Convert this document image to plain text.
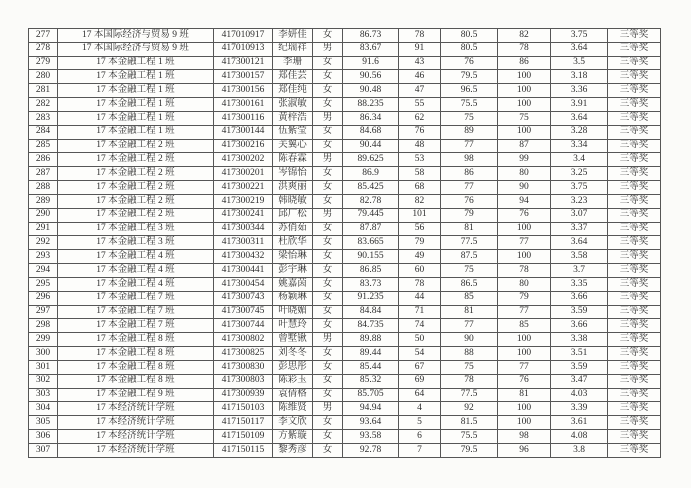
277	17 本国际经济与贸易 9 班	417010917	李妍佳	女	86.73	78	80.5	82	3.75	三等奖
278	17 本国际经济与贸易 9 班	417010913	纪瑞祥	男	83.67	91	80.5	78	3.64	三等奖
279	17 本金融工程 1 班	417300121	李珊	女	91.6	43	76	86	3.5	三等奖
280	17 本金融工程 1 班	417300157	郑佳芸	女	90.56	46	79.5	100	3.18	三等奖
281	17 本金融工程 1 班	417300156	郑佳纯	女	90.48	47	96.5	100	3.36	三等奖
282	17 本金融工程 1 班	417300161	张淑敏	女	88.235	55	75.5	100	3.91	三等奖
283	17 本金融工程 1 班	417300116	黄梓浩	男	86.34	62	75	75	3.64	三等奖
284	17 本金融工程 1 班	417300144	伍紫莹	女	84.68	76	89	100	3.28	三等奖
285	17 本金融工程 2 班	417300216	关翼心	女	90.44	48	77	87	3.34	三等奖
286	17 本金融工程 2 班	417300202	陈春霖	男	89.625	53	98	99	3.4	三等奖
287	17 本金融工程 2 班	417300201	岑锦怡	女	86.9	58	86	80	3.25	三等奖
288	17 本金融工程 2 班	417300221	洪爽丽	女	85.425	68	77	90	3.75	三等奖
289	17 本金融工程 2 班	417300219	韩晓敏	女	82.78	82	76	94	3.23	三等奖
290	17 本金融工程 2 班	417300241	邱广松	男	79.445	101	79	76	3.07	三等奖
291	17 本金融工程 3 班	417300344	苏俏茹	女	87.87	56	81	100	3.37	三等奖
292	17 本金融工程 3 班	417300311	杜欣华	女	83.665	79	77.5	77	3.64	三等奖
293	17 本金融工程 4 班	417300432	梁怡琳	女	90.155	49	87.5	100	3.58	三等奖
294	17 本金融工程 4 班	417300441	彭宇琳	女	86.85	60	75	78	3.7	三等奖
295	17 本金融工程 4 班	417300454	姚嘉茵	女	83.73	78	86.5	80	3.35	三等奖
296	17 本金融工程 7 班	417300743	杨颖琳	女	91.235	44	85	79	3.66	三等奖
297	17 本金融工程 7 班	417300745	叶晓媚	女	84.84	71	81	77	3.59	三等奖
298	17 本金融工程 7 班	417300744	叶慧玲	女	84.735	74	77	85	3.66	三等奖
299	17 本金融工程 8 班	417300802	曾墅锹	男	89.88	50	90	100	3.38	三等奖
300	17 本金融工程 8 班	417300825	刘冬冬	女	89.44	54	88	100	3.51	三等奖
301	17 本金融工程 8 班	417300830	彭思彤	女	85.44	67	75	77	3.59	三等奖
302	17 本金融工程 8 班	417300803	陈彩玉	女	85.32	69	78	76	3.47	三等奖
303	17 本金融工程 9 班	417300939	袁倩格	女	85.705	64	77.5	81	4.03	三等奖
304	17 本经济统计学班	417150103	陈维贤	男	94.94	4	92	100	3.39	三等奖
305	17 本经济统计学班	417150117	李文欣	女	93.64	5	81.5	100	3.61	三等奖
306	17 本经济统计学班	417150109	方紫璇	女	93.58	6	75.5	98	4.08	三等奖
307	17 本经济统计学班	417150115	黎秀彦	女	92.78	7	79.5	96	3.8	三等奖
